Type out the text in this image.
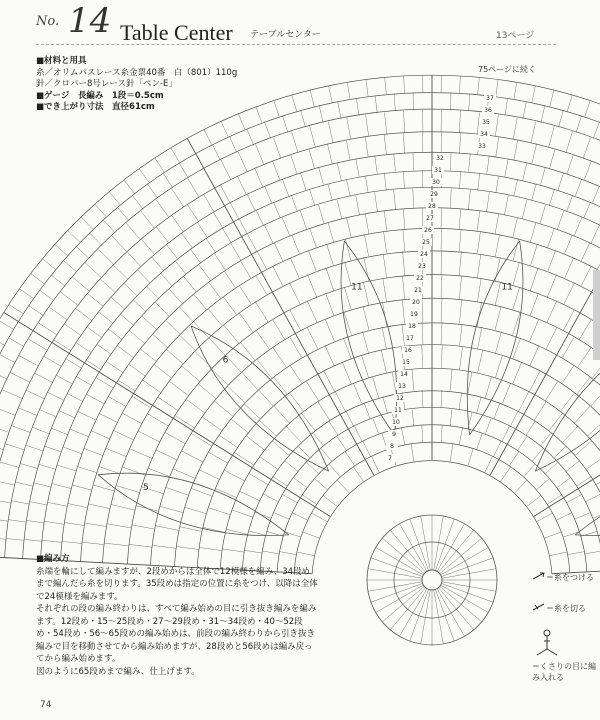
No. 14 Table Center テーブルセンター	13ページ
■材料と用具
糸／オリムパスレース糸金票40番　白（801）110g
針／クロバー8号レース針「ペン-E」
■ゲージ　長編み　1段＝0.5cm
■でき上がり寸法　直径61cm
37
36
35
34
33
32
31
30
29
28
27
26
25
24
23
22
21
20
19
18
17
16
15
14
13
12
11
10
9
8
7
5
6
11	11
75ページに続く
＝糸をつける
＝糸を切る
＝くさりの目に編み入れる

■編み方

糸端を輪にして編みますが、2段めからは全体で12模様を編み、34段めまで編んだら糸を切ります。35段めは指定の位置に糸をつけ、以降は全体で24模様を編みます。

それぞれの段の編み終わりは、すべて編み始めの目に引き抜き編みを編みます。12段め・15〜25段め・27〜29段め・31〜34段め・40〜52段め・54段め・56〜65段めの編み始めは、前段の編み終わりから引き抜き編みで目を移動させてから編み始めますが、28段めと56段めは編み戻ってから編み始めます。

図のように65段めまで編み、仕上げます。

74
